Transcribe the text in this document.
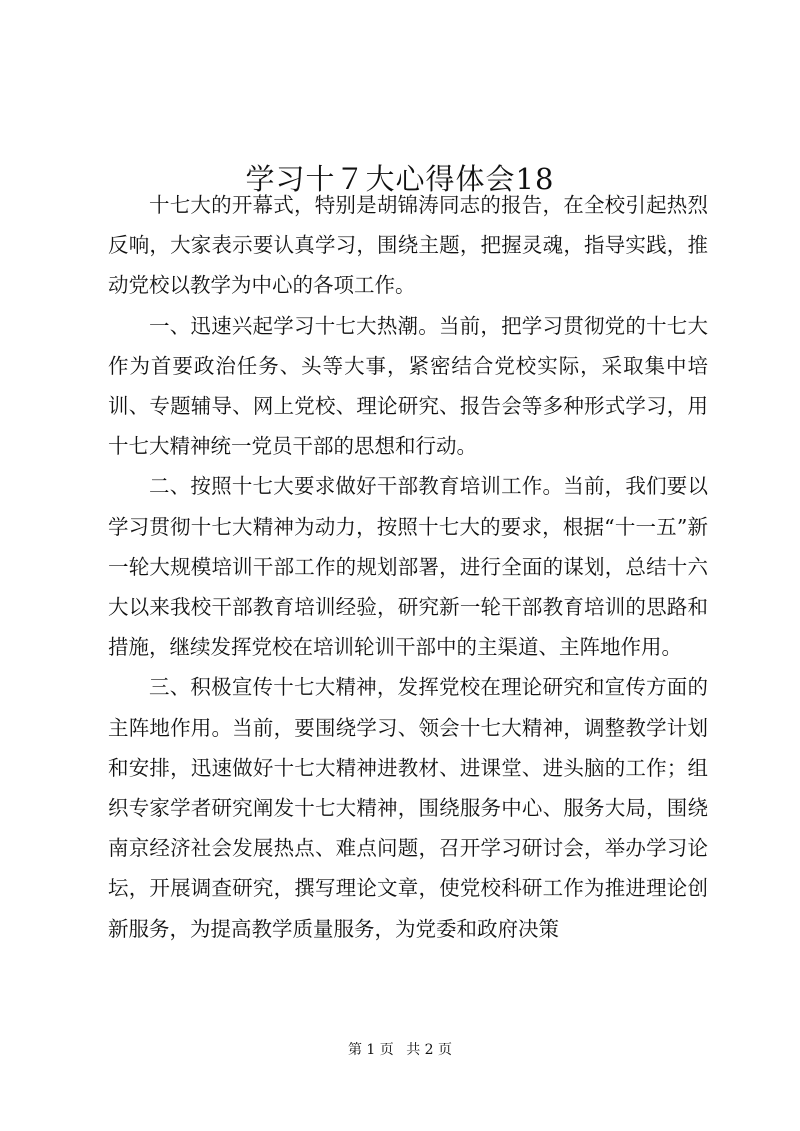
学习十７大心得体会18

十七大的开幕式，特别是胡锦涛同志的报告，在全校引起热烈反响，大家表示要认真学习，围绕主题，把握灵魂，指导实践，推动党校以教学为中心的各项工作。

一、迅速兴起学习十七大热潮。当前，把学习贯彻党的十七大作为首要政治任务、头等大事，紧密结合党校实际，采取集中培训、专题辅导、网上党校、理论研究、报告会等多种形式学习，用十七大精神统一党员干部的思想和行动。

二、按照十七大要求做好干部教育培训工作。当前，我们要以学习贯彻十七大精神为动力，按照十七大的要求，根据“十一五”新一轮大规模培训干部工作的规划部署，进行全面的谋划，总结十六大以来我校干部教育培训经验，研究新一轮干部教育培训的思路和措施，继续发挥党校在培训轮训干部中的主渠道、主阵地作用。

三、积极宣传十七大精神，发挥党校在理论研究和宣传方面的主阵地作用。当前，要围绕学习、领会十七大精神，调整教学计划和安排，迅速做好十七大精神进教材、进课堂、进头脑的工作；组织专家学者研究阐发十七大精神，围绕服务中心、服务大局，围绕南京经济社会发展热点、难点问题，召开学习研讨会，举办学习论坛，开展调查研究，撰写理论文章，使党校科研工作为推进理论创新服务，为提高教学质量服务，为党委和政府决策

第 1 页 共 2 页
